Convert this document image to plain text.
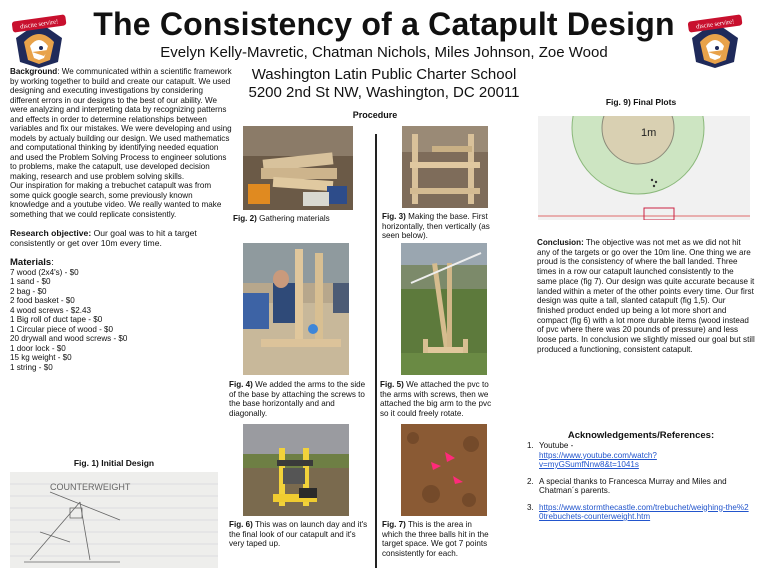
discite servire!	discite servire!
The Consistency of a Catapult Design
Evelyn Kelly-Mavretic, Chatman Nichols, Miles Johnson, Zoe Wood
Washington Latin Public Charter School
5200 2nd St NW, Washington, DC 20011
Background: We communicated within a scientific framework by working together to build and create our catapult. We used designing and executing investigations by considering different errors in our designs to the best of our ability. We were analyzing and interpreting data by recognizing patterns and effects in order to determine relationships between variables and fix our mistakes. We were developing and using models by actualy building our design. We used mathematics and computational thinking by identifying needed equation and used the Problem Solving Process to engineer solutions to problems, make the catapult, use developed decision making, research and use problem solving skills.
Our inspiration for making a trebuchet catapult was from some quick google search, some previously known knowledge and a youtube video. We really wanted to make something that we could replicate consistently.
Research objective: Our goal was to hit a target consistently or get over 10m every time.
Materials:
7 wood (2x4's) - $0
1 sand - $0
2 bag - $0
2 food basket - $0
4 wood screws - $2.43
1 Big roll of duct tape - $0
1 Circular piece of wood - $0
20 drywall and wood screws - $0
1 door lock - $0
15 kg weight - $0
1 string - $0
Fig. 1) Initial Design
COUNTERWEIGHT
Procedure
Fig. 2) Gathering materials	Fig. 3) Making the base. First horizontally, then vertically (as seen below).
Fig. 4) We added the arms to the side of the base by attaching the screws to the base horizontally and and diagonally.
Fig. 5) We attached the pvc to the arms with screws, then we attached the big arm to the pvc so it could freely rotate.
Fig. 6) This was on launch day and it's the final look of our catapult and it's very taped up.
Fig. 7) This is the area in which the three balls hit in the target space. We got 7 points consistently for each.
Fig. 9) Final Plots
1m
Conclusion: The objective was not met as we did not hit any of the targets or go over the 10m line. One thing we are proud is the consistency of where the ball landed. Three times in a row our catapult launched consistently to the same place (fig 7). Our design was quite accurate because it landed within a meter of the other points every time. Our first design was quite a tall, slanted catapult (fig 1,5). Our finished product ended up being a lot more short and compact (fig 6) with a lot more durable items (wood instead of pvc where there was 20 pounds of pressure) and less loose parts. In conclusion we slightly missed our goal but still produced a functioning, consistent catapult.
Acknowledgements/References:
1. Youtube -
https://www.youtube.com/watch?v=myGSumfNnw8&t=1041s
2. A special thanks to Francesca Murray and Miles and Chatman´s parents.
3. https://www.stormthecastle.com/trebuchet/weighing-the%20trebuchets-counterweight.htm
